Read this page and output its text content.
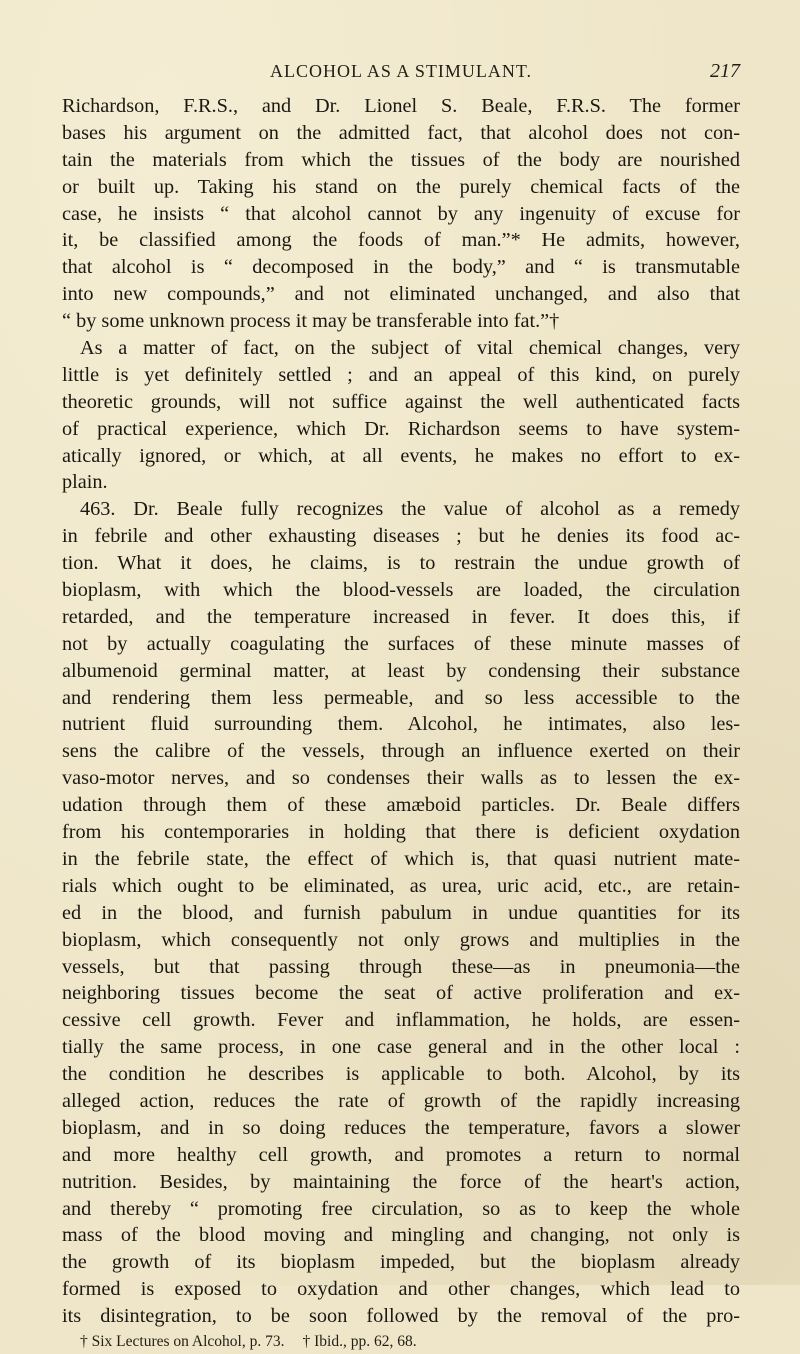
ALCOHOL AS A STIMULANT.	217
Richardson, F.R.S., and Dr. Lionel S. Beale, F.R.S. The former
bases his argument on the admitted fact, that alcohol does not con-
tain the materials from which the tissues of the body are nourished
or built up. Taking his stand on the purely chemical facts of the
case, he insists “ that alcohol cannot by any ingenuity of excuse for
it, be classified among the foods of man.”* He admits, however,
that alcohol is “ decomposed in the body,” and “ is transmutable
into new compounds,” and not eliminated unchanged, and also that
“ by some unknown process it may be transferable into fat.”†
As a matter of fact, on the subject of vital chemical changes, very
little is yet definitely settled ; and an appeal of this kind, on purely
theoretic grounds, will not suffice against the well authenticated facts
of practical experience, which Dr. Richardson seems to have system-
atically ignored, or which, at all events, he makes no effort to ex-
plain.
463. Dr. Beale fully recognizes the value of alcohol as a remedy
in febrile and other exhausting diseases ; but he denies its food ac-
tion. What it does, he claims, is to restrain the undue growth of
bioplasm, with which the blood-vessels are loaded, the circulation
retarded, and the temperature increased in fever. It does this, if
not by actually coagulating the surfaces of these minute masses of
albumenoid germinal matter, at least by condensing their substance
and rendering them less permeable, and so less accessible to the
nutrient fluid surrounding them. Alcohol, he intimates, also les-
sens the calibre of the vessels, through an influence exerted on their
vaso-motor nerves, and so condenses their walls as to lessen the ex-
udation through them of these amæboid particles. Dr. Beale differs
from his contemporaries in holding that there is deficient oxydation
in the febrile state, the effect of which is, that quasi nutrient mate-
rials which ought to be eliminated, as urea, uric acid, etc., are retain-
ed in the blood, and furnish pabulum in undue quantities for its
bioplasm, which consequently not only grows and multiplies in the
vessels, but that passing through these—as in pneumonia—the
neighboring tissues become the seat of active proliferation and ex-
cessive cell growth. Fever and inflammation, he holds, are essen-
tially the same process, in one case general and in the other local :
the condition he describes is applicable to both. Alcohol, by its
alleged action, reduces the rate of growth of the rapidly increasing
bioplasm, and in so doing reduces the temperature, favors a slower
and more healthy cell growth, and promotes a return to normal
nutrition. Besides, by maintaining the force of the heart's action,
and thereby “ promoting free circulation, so as to keep the whole
mass of the blood moving and mingling and changing, not only is
the growth of its bioplasm impeded, but the bioplasm already
formed is exposed to oxydation and other changes, which lead to
its disintegration, to be soon followed by the removal of the pro-
† Six Lectures on Alcohol, p. 73. † Ibid., pp. 62, 68.
